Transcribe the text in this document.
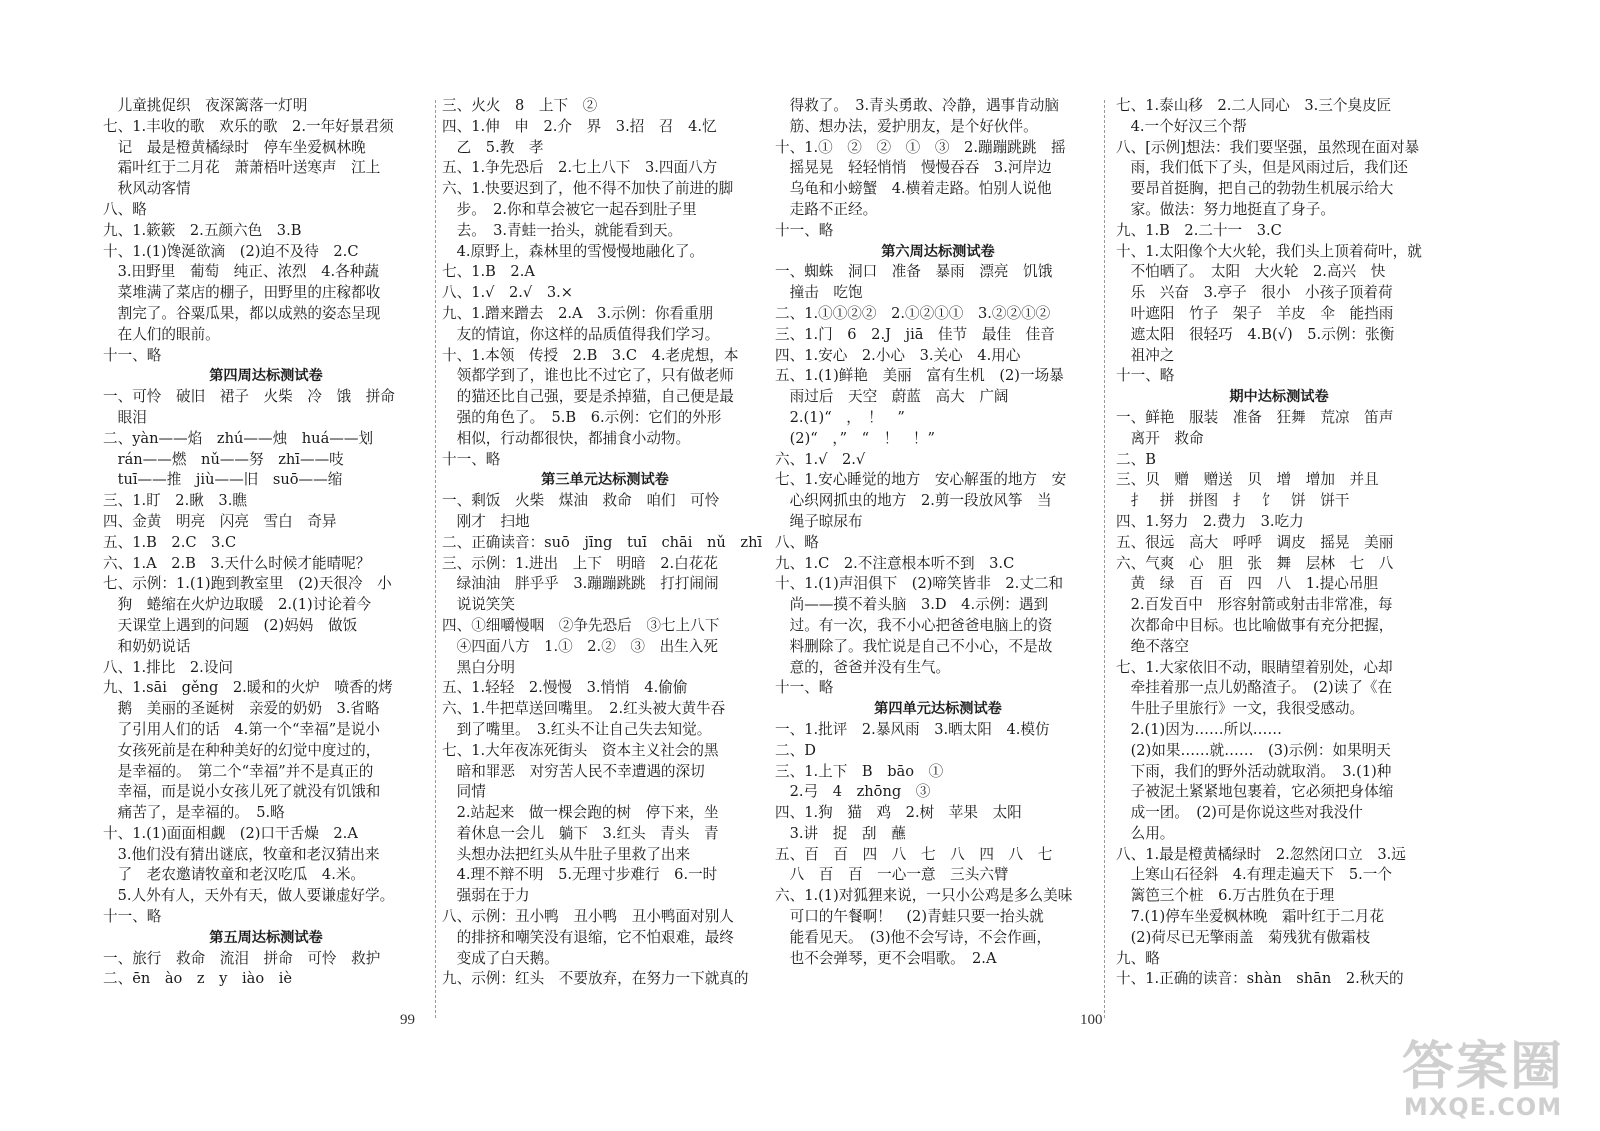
　儿童挑促织　夜深篱落一灯明
七、1.丰收的歌　欢乐的歌　2.一年好景君须
　记　最是橙黄橘绿时　停车坐爱枫林晚
　霜叶红于二月花　萧萧梧叶送寒声　江上
　秋风动客情
八、略
九、1.簌簌　2.五颜六色　3.B
十、1.(1)馋涎欲滴　(2)迫不及待　2.C
　3.田野里　葡萄　纯正、浓烈　4.各种蔬
　菜堆满了菜店的棚子，田野里的庄稼都收
　割完了。谷粟瓜果，都以成熟的姿态呈现
　在人们的眼前。
十一、略
第四周达标测试卷
一、可怜　破旧　裙子　火柴　冷　饿　拼命
　眼泪
二、yàn——焰　zhú——烛　huá——划
　rán——燃　nǔ——努　zhī——吱
　tuī——推　jiù——旧　suō——缩
三、1.盯　2.瞅　3.瞧
四、金黄　明亮　闪亮　雪白　奇异
五、1.B　2.C　3.C
六、1.A　2.B　3.天什么时候才能晴呢？
七、示例：1.(1)跑到教室里　(2)天很冷　小
　狗　蜷缩在火炉边取暖　2.(1)讨论着今
　天课堂上遇到的问题　(2)妈妈　做饭
　和奶奶说话
八、1.排比　2.设问
九、1.sāi　gěng　2.暖和的火炉　喷香的烤
　鹅　美丽的圣诞树　亲爱的奶奶　3.省略
　了引用人们的话　4.第一个“幸福”是说小
　女孩死前是在种种美好的幻觉中度过的，
　是幸福的。　第二个“幸福”并不是真正的
　幸福，而是说小女孩儿死了就没有饥饿和
　痛苦了，是幸福的。　5.略
十、1.(1)面面相觑　(2)口干舌燥　2.A
　3.他们没有猜出谜底，牧童和老汉猜出来
　了　老农邀请牧童和老汉吃瓜　4.米。
　5.人外有人，天外有天，做人要谦虚好学。
十一、略
第五周达标测试卷
一、旅行　救命　流泪　拼命　可怜　救护
二、ēn　ào　z　y　iào　iè
三、火火　8　上下　②
四、1.伸　申　2.介　界　3.招　召　4.忆
　乙　5.教　孝
五、1.争先恐后　2.七上八下　3.四面八方
六、1.快要迟到了，他不得不加快了前进的脚
　步。　2.你和草会被它一起吞到肚子里
　去。　3.青蛙一抬头，就能看到天。
　4.原野上，森林里的雪慢慢地融化了。
七、1.B　2.A
八、1.√　2.√　3.×
九、1.蹭来蹭去　2.A　3.示例：你看重朋
　友的情谊，你这样的品质值得我们学习。
十、1.本领　传授　2.B　3.C　4.老虎想，本
　领都学到了，谁也比不过它了，只有做老师
　的猫还比自己强，要是杀掉猫，自己便是最
　强的角色了。　5.B　6.示例：它们的外形
　相似，行动都很快，都捕食小动物。
十一、略
第三单元达标测试卷
一、剩饭　火柴　煤油　救命　咱们　可怜
　刚才　扫地
二、正确读音：suō　jīng　tuī　chāi　nǔ　zhī
三、示例：1.进出　上下　明暗　2.白花花
　绿油油　胖乎乎　3.蹦蹦跳跳　打打闹闹
　说说笑笑
四、①细嚼慢咽　②争先恐后　③七上八下
　④四面八方　1.①　2.②　③　出生入死
　黑白分明
五、1.轻轻　2.慢慢　3.悄悄　4.偷偷
六、1.牛把草送回嘴里。　2.红头被大黄牛吞
　到了嘴里。　3.红头不让自己失去知觉。
七、1.大年夜冻死街头　资本主义社会的黑
　暗和罪恶　对穷苦人民不幸遭遇的深切
　同情
　2.站起来　做一棵会跑的树　停下来，坐
　着休息一会儿　躺下　3.红头　青头　青
　头想办法把红头从牛肚子里救了出来
　4.理不辩不明　5.无理寸步难行　6.一时
　强弱在于力
八、示例：丑小鸭　丑小鸭　丑小鸭面对别人
　的排挤和嘲笑没有退缩，它不怕艰难，最终
　变成了白天鹅。
九、示例：红头　不要放弃，在努力一下就真的
　得救了。　3.青头勇敢、冷静，遇事肯动脑
　筋、想办法，爱护朋友，是个好伙伴。
十、1.①　②　②　①　③　2.蹦蹦跳跳　摇
　摇晃晃　轻轻悄悄　慢慢吞吞　3.河岸边
　乌龟和小螃蟹　4.横着走路。怕别人说他
　走路不正经。
十一、略
第六周达标测试卷
一、蜘蛛　洞口　准备　暴雨　漂亮　饥饿
　撞击　吃饱
二、1.①①②②　2.①②①①　3.②②①②
三、1.门　6　2.J　jiā　佳节　最佳　佳音
四、1.安心　2.小心　3.关心　4.用心
五、1.(1)鲜艳　美丽　富有生机　(2)一场暴
　雨过后　天空　蔚蓝　高大　广阔
　2.(1)“　，　！　”
　(2)“　，”　“　！　！”
六、1.√　2.√
七、1.安心睡觉的地方　安心解蛋的地方　安
　心织网抓虫的地方　2.剪一段放风筝　当
　绳子晾尿布
八、略
九、1.C　2.不注意根本听不到　3.C
十、1.(1)声泪俱下　(2)啼笑皆非　2.丈二和
　尚——摸不着头脑　3.D　4.示例：遇到
　过。有一次，我不小心把爸爸电脑上的资
　料删除了。我忙说是自己不小心，不是故
　意的，爸爸并没有生气。
十一、略
第四单元达标测试卷
一、1.批评　2.暴风雨　3.晒太阳　4.模仿
二、D
三、1.上下　B　bāo　①
　2.弓　4　zhōng　③
四、1.狗　猫　鸡　2.树　苹果　太阳
　3.讲　捉　刮　蘸
五、百　百　四　八　七　八　四　八　七
　八　百　百　一心一意　三头六臂
六、1.(1)对狐狸来说，一只小公鸡是多么美味
　可口的午餐啊！　(2)青蛙只要一抬头就
　能看见天。　(3)他不会写诗，不会作画，
　也不会弹琴，更不会唱歌。　2.A
七、1.泰山移　2.二人同心　3.三个臭皮匠
　4.一个好汉三个帮
八、[示例]想法：我们要坚强，虽然现在面对暴
　雨，我们低下了头，但是风雨过后，我们还
　要昂首挺胸，把自己的勃勃生机展示给大
　家。做法：努力地挺直了身子。
九、1.B　2.二十一　3.C
十、1.太阳像个大火轮，我们头上顶着荷叶，就
　不怕晒了。　太阳　大火轮　2.高兴　快
　乐　兴奋　3.亭子　很小　小孩子顶着荷
　叶遮阳　竹子　架子　羊皮　伞　能挡雨
　遮太阳　很轻巧　4.B(√)　5.示例：张衡
　祖冲之
十一、略
期中达标测试卷
一、鲜艳　服装　准备　狂舞　荒凉　笛声
　离开　救命
二、B
三、贝　赠　赠送　贝　增　增加　并且
　扌　拼　拼图　扌　饣　饼　饼干
四、1.努力　2.费力　3.吃力
五、很远　高大　呼呼　调皮　摇晃　美丽
六、气爽　心　胆　张　舞　层林　七　八
　黄　绿　百　百　四　八　1.提心吊胆
　2.百发百中　形容射箭或射击非常准，每
　次都命中目标。也比喻做事有充分把握，
　绝不落空
七、1.大家依旧不动，眼睛望着别处，心却
　牵挂着那一点儿奶酪渣子。　(2)读了《在
　牛肚子里旅行》一文，我很受感动。
　2.(1)因为……所以……
　(2)如果……就……　(3)示例：如果明天
　下雨，我们的野外活动就取消。　3.(1)种
　子被泥土紧紧地包裹着，它必须把身体缩
　成一团。　(2)可是你说这些对我没什
　么用。
八、1.最是橙黄橘绿时　2.忽然闭口立　3.远
　上寒山石径斜　4.有理走遍天下　5.一个
　篱笆三个桩　6.万古胜负在于理
　7.(1)停车坐爱枫林晚　霜叶红于二月花
　(2)荷尽已无擎雨盖　菊残犹有傲霜枝
九、略
十、1.正确的读音：shàn　shān　2.秋天的
99	100
答案圈
MXQE.COM
